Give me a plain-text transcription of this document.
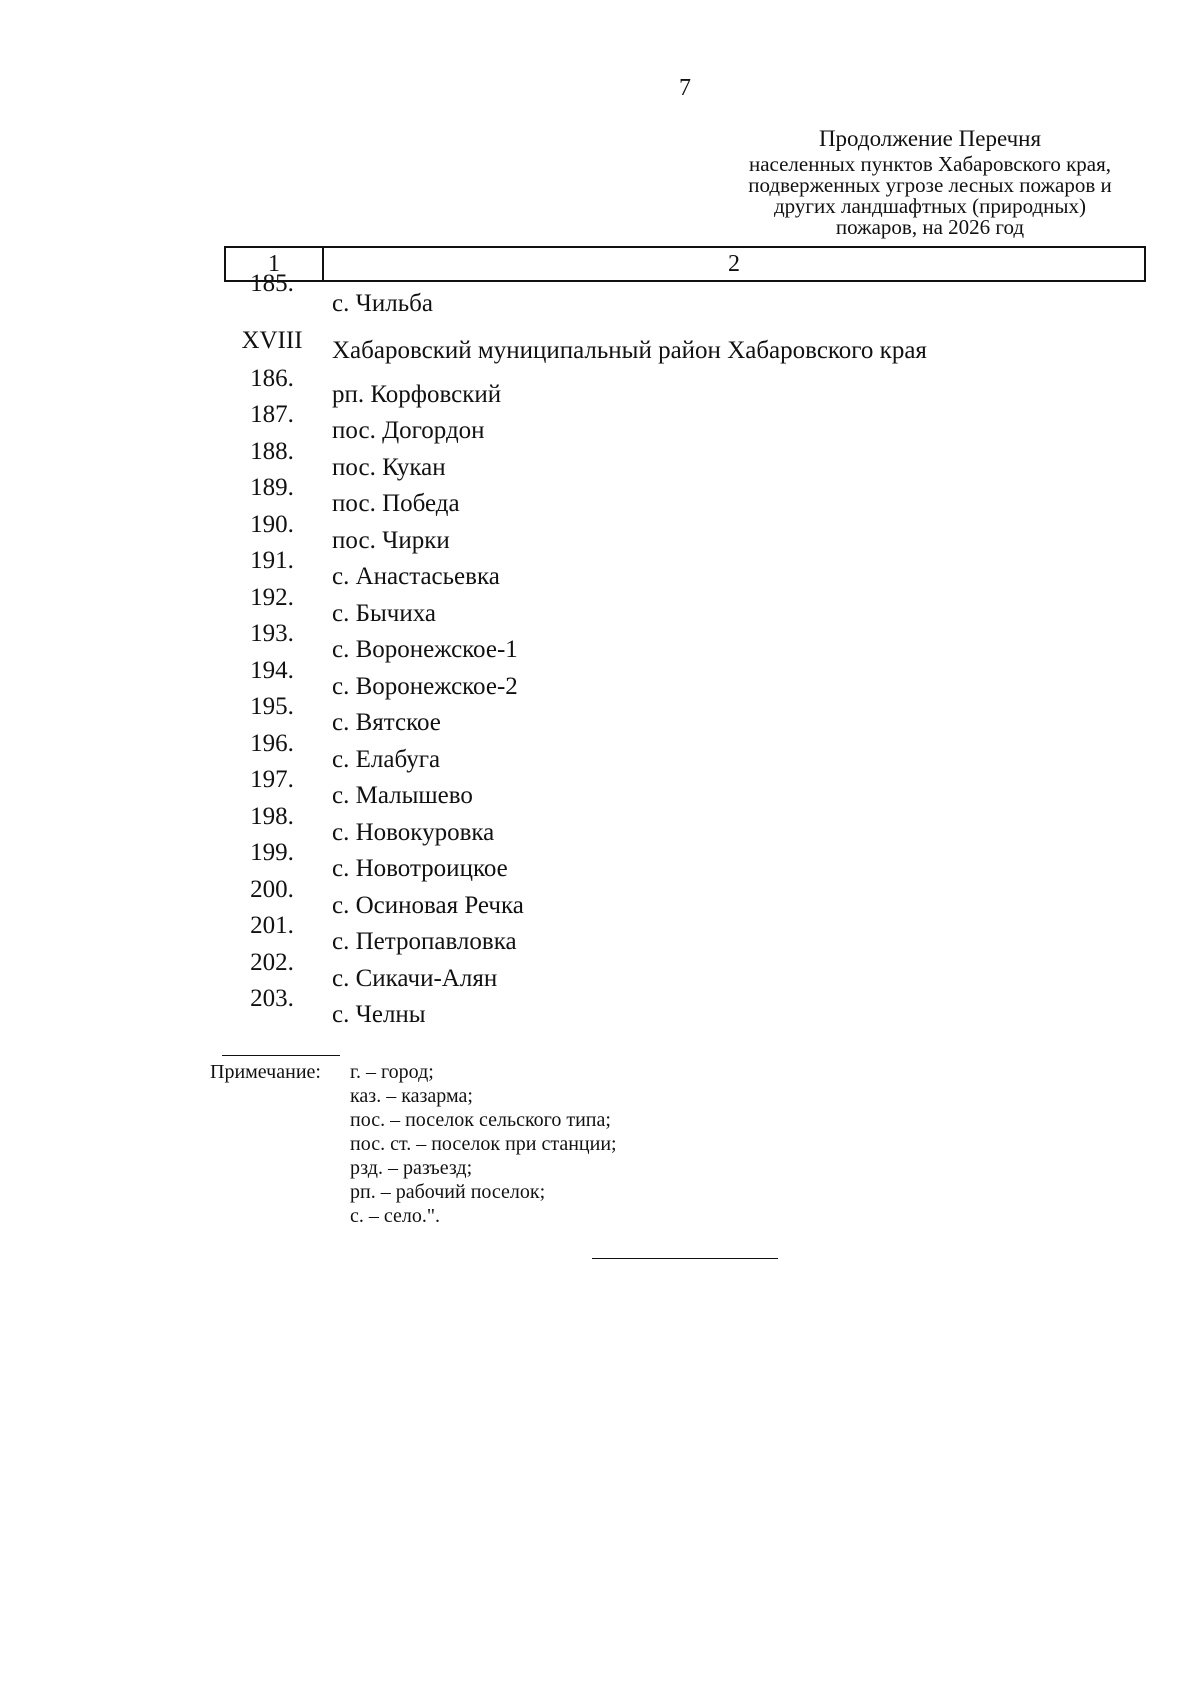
7
Продолжение Перечня
населенных пунктов Хабаровского края,
подверженных угрозе лесных пожаров и
других ландшафтных (природных)
пожаров, на 2026 год
1	2
185.
с. Чильба
XVIII	Хабаровский муниципальный район Хабаровского края
186.
рп. Корфовский
187.
пос. Догордон
188.
пос. Кукан
189.
пос. Победа
190.
пос. Чирки
191.
с. Анастасьевка
192.
с. Бычиха
193.
с. Воронежское-1
194.
с. Воронежское-2
195.
с. Вятское
196.
с. Елабуга
197.
с. Малышево
198.
с. Новокуровка
199.
с. Новотроицкое
200.
с. Осиновая Речка
201.
с. Петропавловка
202.
с. Сикачи-Алян
203.
с. Челны
Примечание: г. – город;
каз. – казарма;
пос. – поселок сельского типа;
пос. ст. – поселок при станции;
рзд. – разъезд;
рп. – рабочий поселок;
с. – село.".
